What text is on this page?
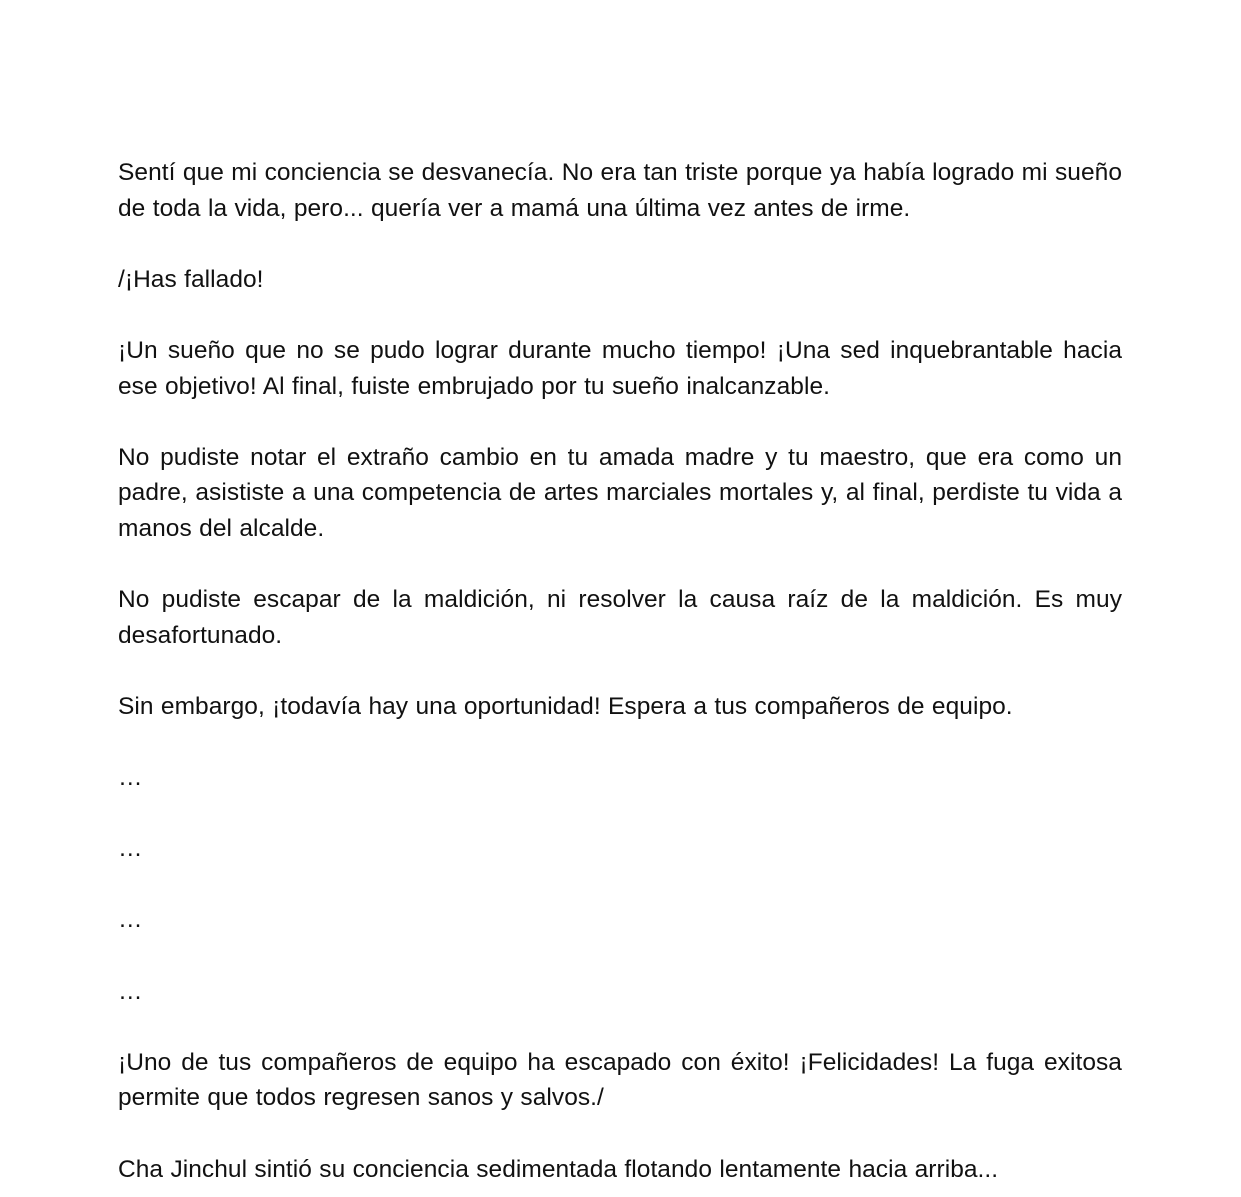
Sentí que mi conciencia se desvanecía. No era tan triste porque ya había logrado mi sueño de toda la vida, pero... quería ver a mamá una última vez antes de irme.

/¡Has fallado!

¡Un sueño que no se pudo lograr durante mucho tiempo! ¡Una sed inquebrantable hacia ese objetivo! Al final, fuiste embrujado por tu sueño inalcanzable.

No pudiste notar el extraño cambio en tu amada madre y tu maestro, que era como un padre, asististe a una competencia de artes marciales mortales y, al final, perdiste tu vida a manos del alcalde.

No pudiste escapar de la maldición, ni resolver la causa raíz de la maldición. Es muy desafortunado.

Sin embargo, ¡todavía hay una oportunidad! Espera a tus compañeros de equipo.

…

…

…

…

¡Uno de tus compañeros de equipo ha escapado con éxito! ¡Felicidades! La fuga exitosa permite que todos regresen sanos y salvos./

Cha Jinchul sintió su conciencia sedimentada flotando lentamente hacia arriba...
